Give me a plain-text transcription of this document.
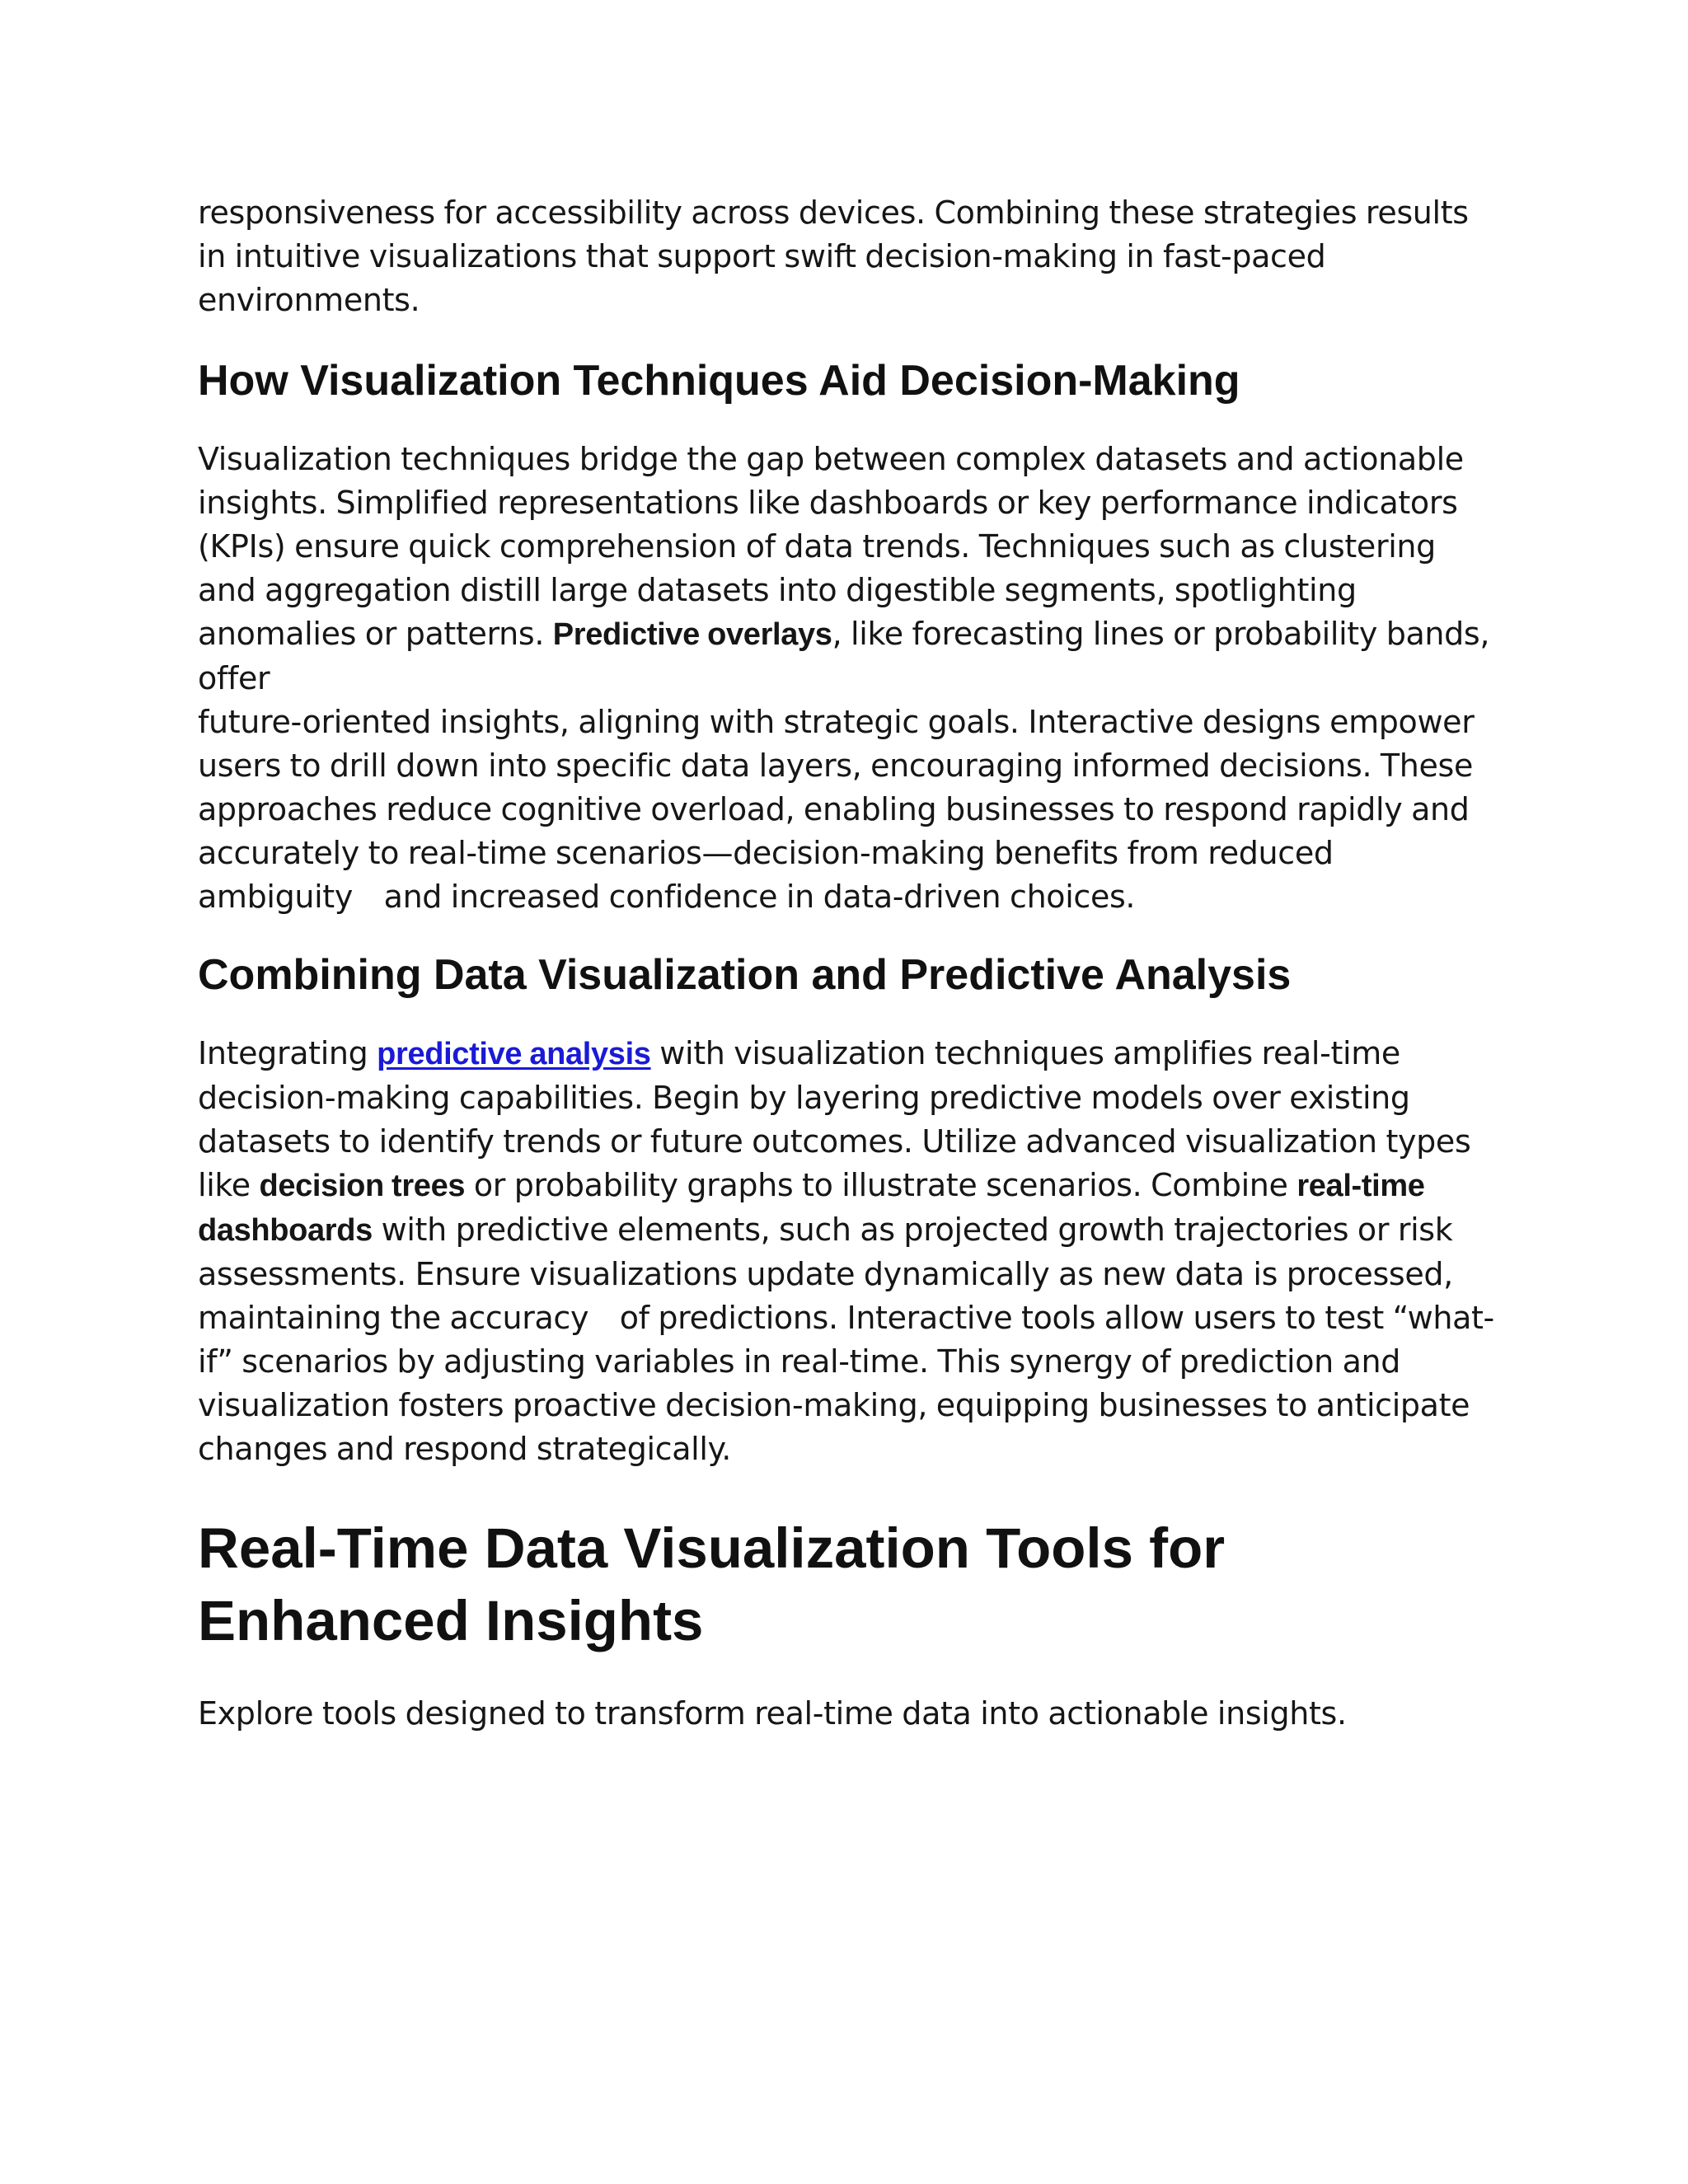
responsiveness for accessibility across devices. Combining these strategies results in intuitive visualizations that support swift decision-making in fast-paced environments.

How Visualization Techniques Aid Decision-Making

Visualization techniques bridge the gap between complex datasets and actionable insights. Simplified representations like dashboards or key performance indicators (KPIs) ensure quick comprehension of data trends. Techniques such as clustering and aggregation distill large datasets into digestible segments, spotlighting anomalies or patterns. Predictive overlays, like forecasting lines or probability bands, offer
future-oriented insights, aligning with strategic goals. Interactive designs empower users to drill down into specific data layers, encouraging informed decisions. These approaches reduce cognitive overload, enabling businesses to respond rapidly and accurately to real-time scenarios—decision-making benefits from reduced ambiguity and increased confidence in data-driven choices.

Combining Data Visualization and Predictive Analysis

Integrating predictive analysis with visualization techniques amplifies real-time decision-making capabilities. Begin by layering predictive models over existing datasets to identify trends or future outcomes. Utilize advanced visualization types like decision trees or probability graphs to illustrate scenarios. Combine real-time dashboards with predictive elements, such as projected growth trajectories or risk assessments. Ensure visualizations update dynamically as new data is processed, maintaining the accuracy of predictions. Interactive tools allow users to test “what-if” scenarios by adjusting variables in real-time. This synergy of prediction and visualization fosters proactive decision-making, equipping businesses to anticipate changes and respond strategically.

Real-Time Data Visualization Tools for Enhanced Insights

Explore tools designed to transform real-time data into actionable insights.
